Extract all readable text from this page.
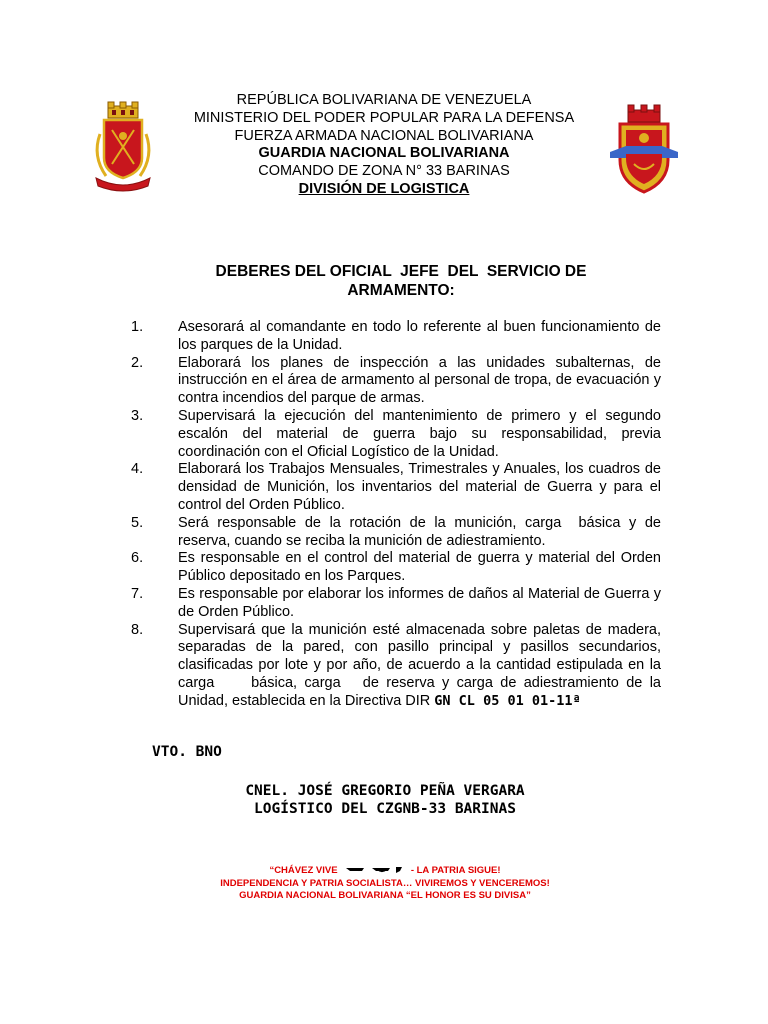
REPÚBLICA BOLIVARIANA DE VENEZUELA
MINISTERIO DEL PODER POPULAR PARA LA DEFENSA
FUERZA ARMADA NACIONAL BOLIVARIANA
GUARDIA NACIONAL BOLIVARIANA
COMANDO DE ZONA N° 33 BARINAS
DIVISIÓN DE LOGISTICA
DEBERES DEL OFICIAL  JEFE  DEL  SERVICIO DE
ARMAMENTO:
1.	Asesorará al comandante en todo lo referente al buen funcionamiento de los parques de la Unidad.
2.	Elaborará los planes de inspección a las unidades subalternas, de instrucción en el área de armamento al personal de tropa, de evacuación y contra incendios del parque de armas.
3.	Supervisará la ejecución del mantenimiento de primero y el segundo escalón del material de guerra bajo su responsabilidad, previa coordinación con el Oficial Logístico de la Unidad.
4.	Elaborará los Trabajos Mensuales, Trimestrales y Anuales, los cuadros de densidad de Munición, los inventarios del material de Guerra y para el control del Orden Público.
5.	Será responsable de la rotación de la munición, carga  básica y de reserva, cuando se reciba la munición de adiestramiento.
6.	Es responsable en el control del material de guerra y material del Orden Público depositado en los Parques.
7.	Es responsable por elaborar los informes de daños al Material de Guerra y de Orden Público.
8.	Supervisará que la munición esté almacenada sobre paletas de madera, separadas de la pared, con pasillo principal y pasillos secundarios, clasificadas por lote y por año, de acuerdo a la cantidad estipulada en la carga     básica, carga   de reserva y carga de adiestramiento de la Unidad, establecida en la Directiva DIR GN CL 05 01 01-11ª
VTO. BNO
CNEL. JOSÉ GREGORIO PEÑA VERGARA
LOGÍSTICO DEL CZGNB-33 BARINAS
“CHÁVEZ VIVE	- LA PATRIA SIGUE!
INDEPENDENCIA Y PATRIA SOCIALISTA… VIVIREMOS Y VENCEREMOS!
GUARDIA NACIONAL BOLIVARIANA “EL HONOR ES SU DIVISA”
